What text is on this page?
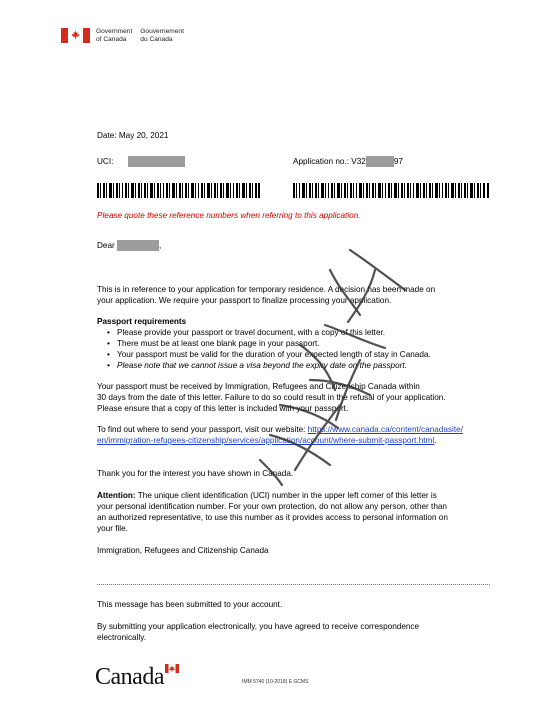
Government
of Canada
Gouvernement
du Canada
Date: May 20, 2021
UCI:	Application no.: V32	97
Please quote these reference numbers when referring to this application.
Dear	,
This is in reference to your application for temporary residence. A decision has been made on
your application. We require your passport to finalize processing your application.
Passport requirements
• Please provide your passport or travel document, with a copy of this letter.
• There must be at least one blank page in your passport.
• Your passport must be valid for the duration of your expected length of stay in Canada.
• Please note that we cannot issue a visa beyond the expiry date on the passport.
Your passport must be received by Immigration, Refugees and Citizenship Canada within
30 days from the date of this letter. Failure to do so could result in the refusal of your application.
Please ensure that a copy of this letter is included with your passport.
To find out where to send your passport, visit our website: https://www.canada.ca/content/canadasite/
en/immigration-refugees-citizenship/services/application/account/where-submit-passport.html.
Thank you for the interest you have shown in Canada.
Attention: The unique client identification (UCI) number in the upper left corner of this letter is
your personal identification number. For your own protection, do not allow any person, other than
an authorized representative, to use this number as it provides access to personal information on
your file.
Immigration, Refugees and Citizenship Canada
This message has been submitted to your account.
By submitting your application electronically, you have agreed to receive correspondence
electronically.
Canada	IMM 5740 (10-2018) E GCMS
